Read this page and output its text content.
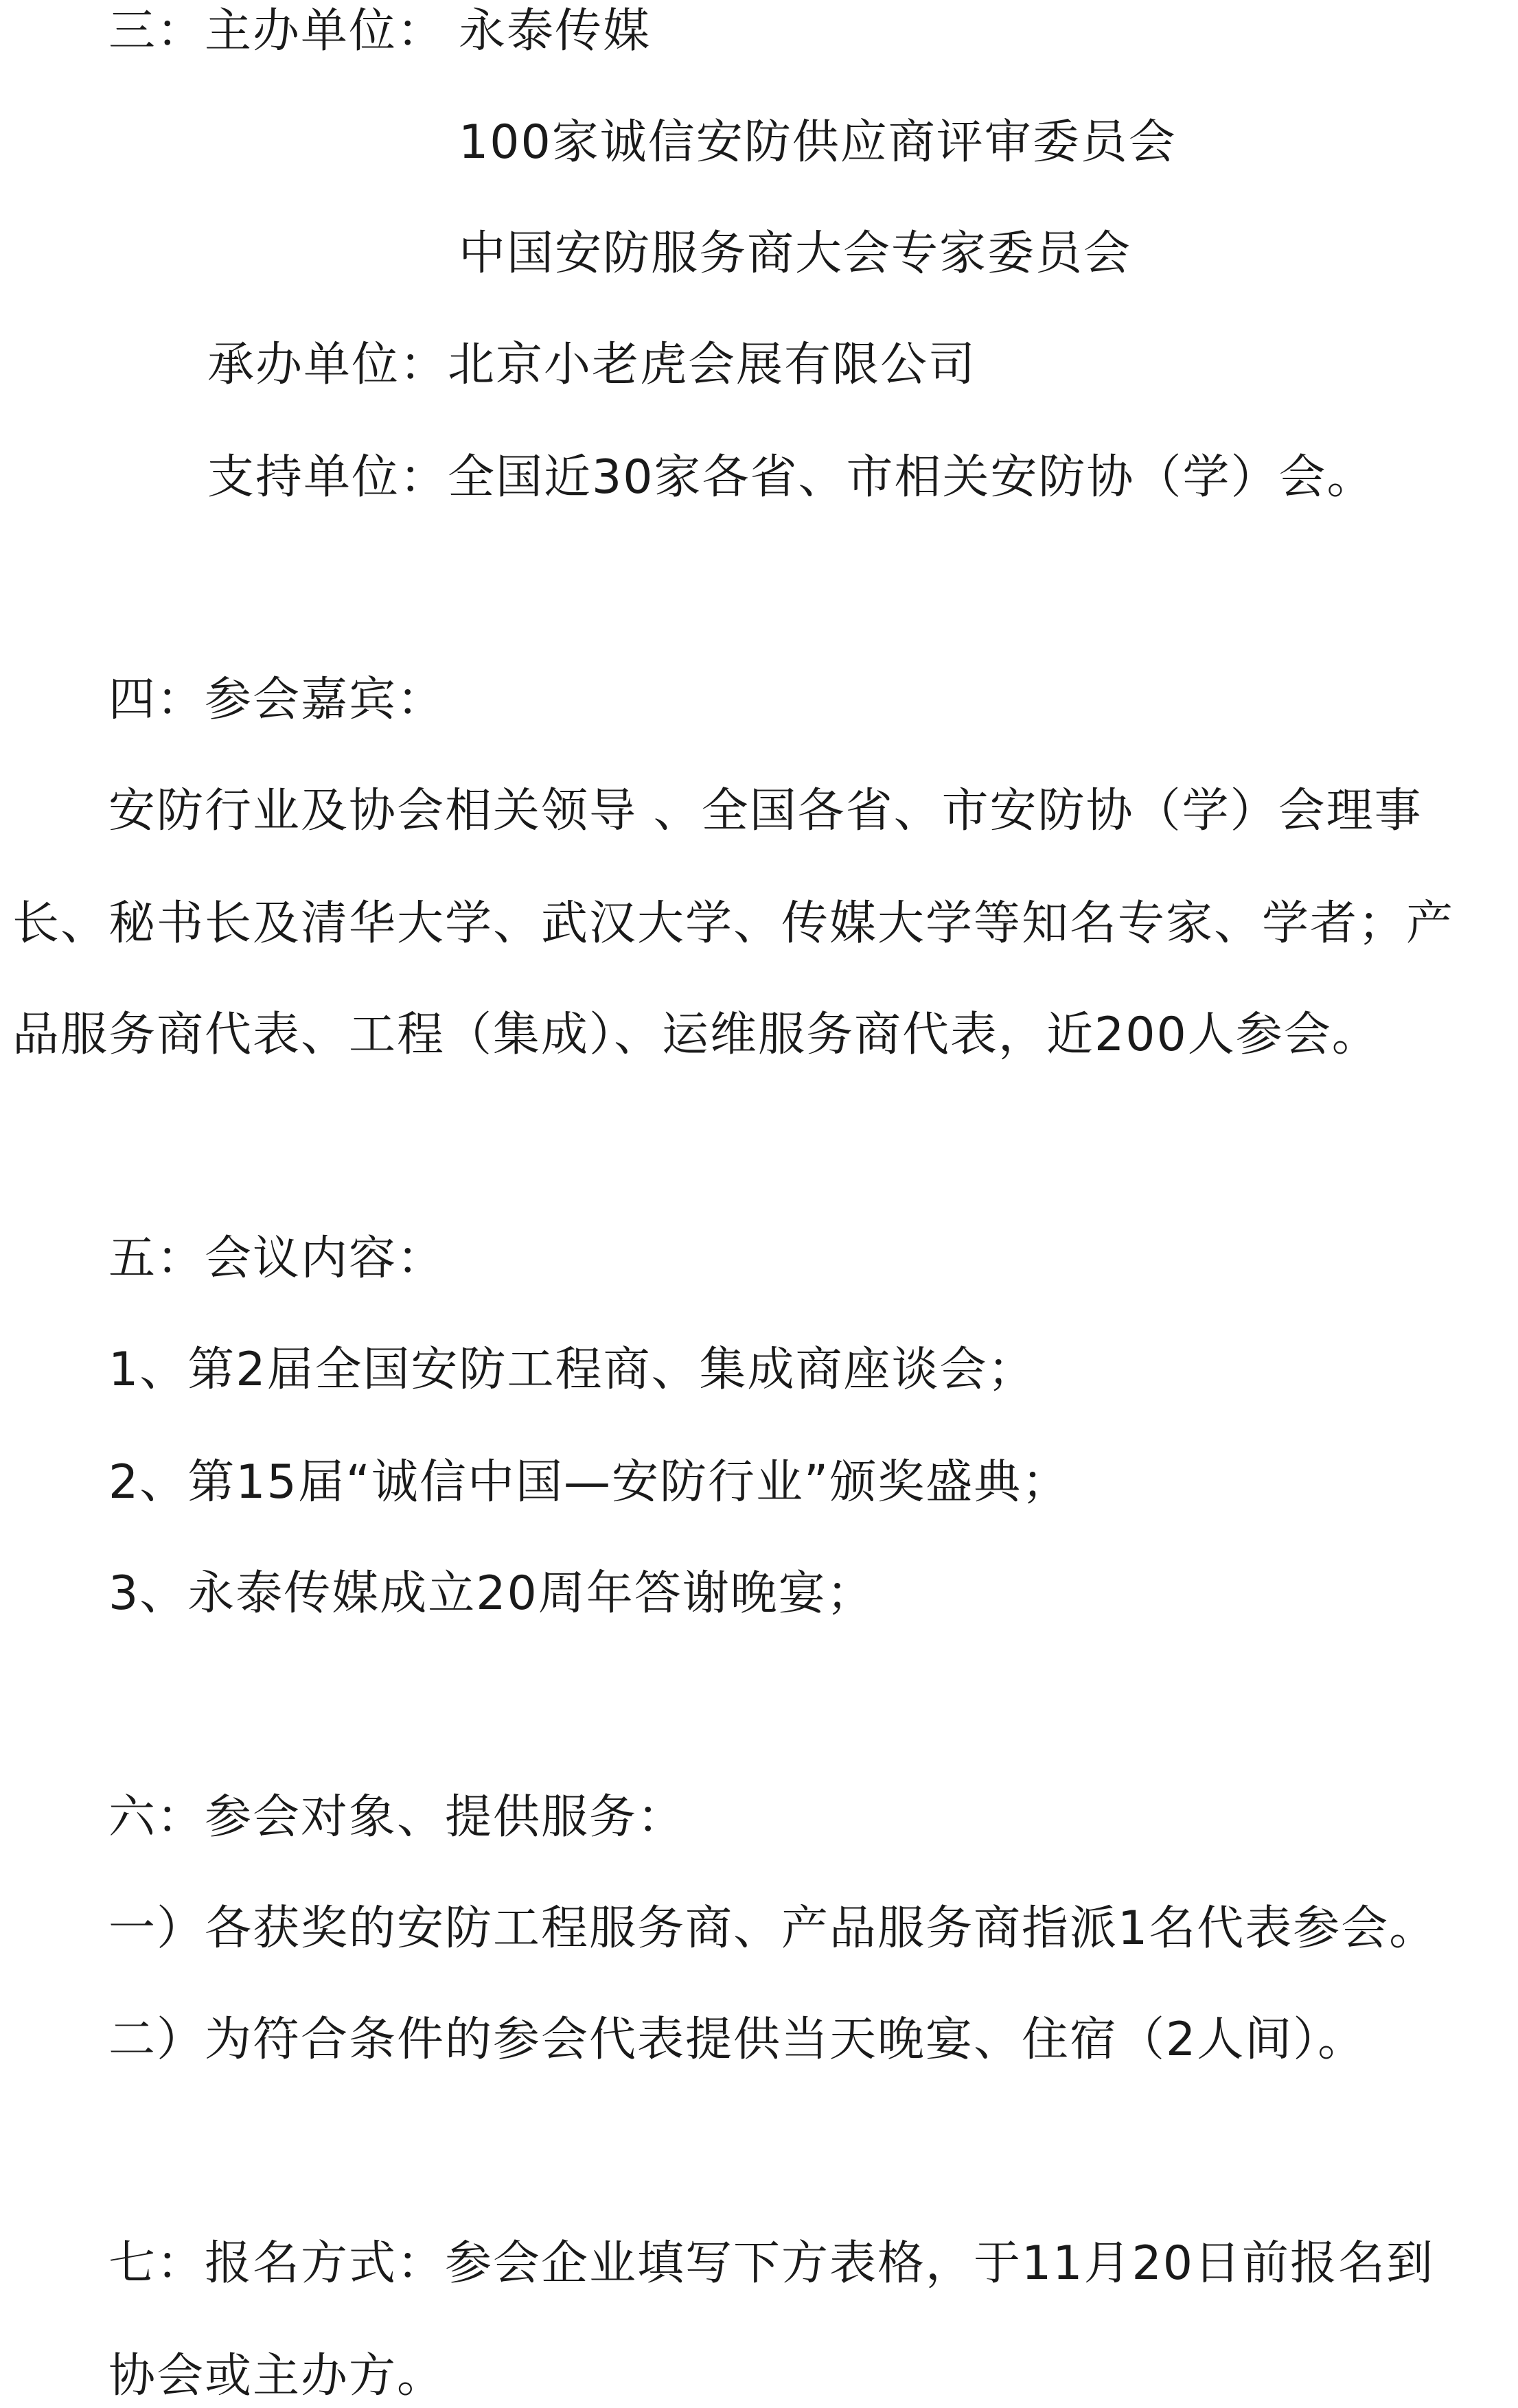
三：主办单位： 永泰传媒
100家诚信安防供应商评审委员会
中国安防服务商大会专家委员会
承办单位：北京小老虎会展有限公司
支持单位：全国近30家各省、市相关安防协（学）会。
四：参会嘉宾：
安防行业及协会相关领导 、全国各省、市安防协（学）会理事
长、秘书长及清华大学、武汉大学、传媒大学等知名专家、学者；产
品服务商代表、工程（集成）、运维服务商代表，近200人参会。
五：会议内容：
1、第2届全国安防工程商、集成商座谈会；
2、第15届“诚信中国—安防行业”颁奖盛典；
3、永泰传媒成立20周年答谢晚宴；
六：参会对象、提供服务：
一）各获奖的安防工程服务商、产品服务商指派1名代表参会。
二）为符合条件的参会代表提供当天晚宴、住宿（2人间）。
七：报名方式：参会企业填写下方表格，于11月20日前报名到
协会或主办方。
